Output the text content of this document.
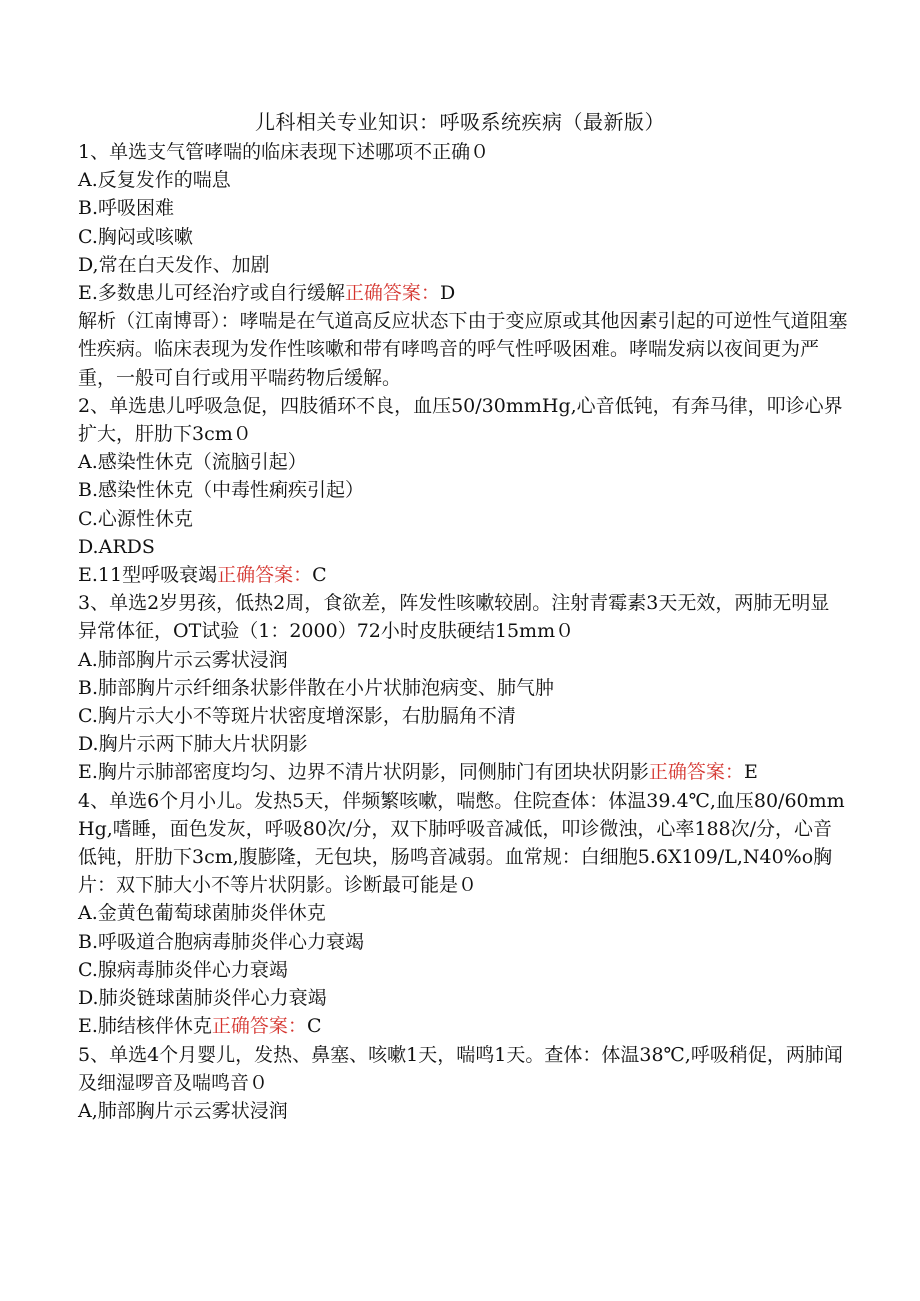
儿科相关专业知识：呼吸系统疾病（最新版）
1、单选支气管哮喘的临床表现下述哪项不正确０
A.反复发作的喘息
B.呼吸困难
C.胸闷或咳嗽
D,常在白天发作、加剧
E.多数患儿可经治疗或自行缓解正确答案：D
解析（江南博哥）：哮喘是在气道高反应状态下由于变应原或其他因素引起的可逆性气道阻塞性疾病。临床表现为发作性咳嗽和带有哮鸣音的呼气性呼吸困难。哮喘发病以夜间更为严重，一般可自行或用平喘药物后缓解。
2、单选患儿呼吸急促，四肢循环不良，血压50/30mmHg,心音低钝，有奔马律，叩诊心界扩大，肝肋下3cm０
A.感染性休克（流脑引起）
B.感染性休克（中毒性痢疾引起）
C.心源性休克
D.ARDS
E.11型呼吸衰竭正确答案：C
3、单选2岁男孩，低热2周，食欲差，阵发性咳嗽较剧。注射青霉素3天无效，两肺无明显异常体征，OT试验（1：2000）72小时皮肤硬结15mm０
A.肺部胸片示云雾状浸润
B.肺部胸片示纤细条状影伴散在小片状肺泡病变、肺气肿
C.胸片示大小不等斑片状密度增深影，右肋膈角不清
D.胸片示两下肺大片状阴影
E.胸片示肺部密度均匀、边界不清片状阴影，同侧肺门有团块状阴影正确答案：E
4、单选6个月小儿。发热5天，伴频繁咳嗽，喘憋。住院查体：体温39.4℃,血压80/60mmHg,嗜睡，面色发灰，呼吸80次/分，双下肺呼吸音减低，叩诊微浊，心率188次/分，心音低钝，肝肋下3cm,腹膨隆，无包块，肠鸣音减弱。血常规：白细胞5.6X109/L,N40%o胸片：双下肺大小不等片状阴影。诊断最可能是０
A.金黄色葡萄球菌肺炎伴休克
B.呼吸道合胞病毒肺炎伴心力衰竭
C.腺病毒肺炎伴心力衰竭
D.肺炎链球菌肺炎伴心力衰竭
E.肺结核伴休克正确答案：C
5、单选4个月婴儿，发热、鼻塞、咳嗽1天，喘鸣1天。查体：体温38℃,呼吸稍促，两肺闻及细湿啰音及喘鸣音０
A,肺部胸片示云雾状浸润
